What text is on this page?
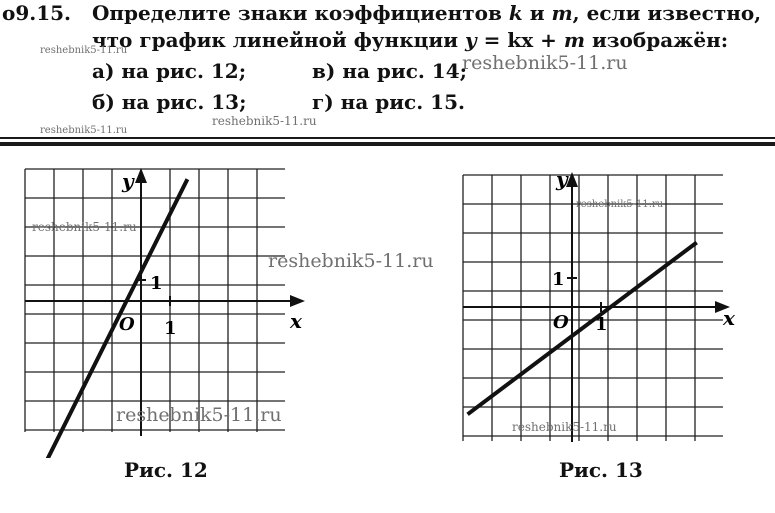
o9.15. Определите знаки коэффициентов k и m, если известно,
что график линейной функции y = kx + m изображён:
а) на рис. 12;	в) на рис. 14;
б) на рис. 13;	г) на рис. 15.
y
x
O 1
1
y
x
O 1
1
Рис. 12	Рис. 13
reshebnik5-11.ru
reshebnik5-11.ru
reshebnik5-11.ru
reshebnik5-11.ru
reshebnik5-11.ru
reshebnik5-11.ru
reshebnik5-11.ru
reshebnik5-11.ru
reshebnik5-11.ru
